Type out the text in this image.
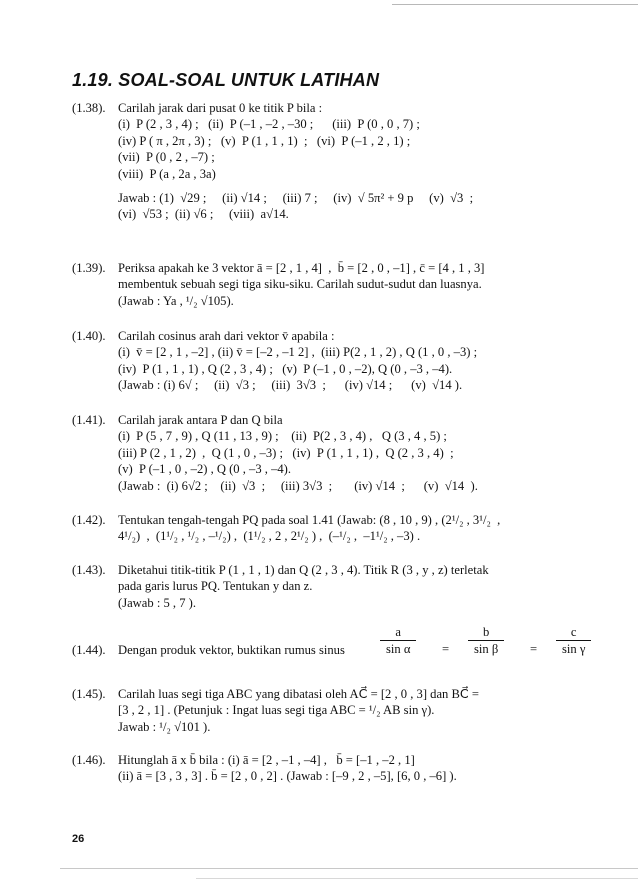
1.19. SOAL-SOAL UNTUK LATIHAN
(1.38). Carilah jarak dari pusat 0 ke titik P bila :
(i)  P (2 , 3 , 4) ;   (ii)  P (–1 , –2 , –30 ;      (iii)  P (0 , 0 , 7) ;
(iv) P ( π , 2π , 3) ;   (v)  P (1 , 1 , 1)  ;   (vi)  P (–1 , 2 , 1) ;
(vii)  P (0 , 2 , –7) ;
(viii)  P (a , 2a , 3a)
Jawab : (1)  √29 ;     (ii) √14 ;     (iii) 7 ;     (iv)  √ 5π² + 9 p     (v)  √3  ;
(vi)  √53 ;  (ii) √6 ;     (viii)  a√14.
(1.39). Periksa apakah ke 3 vektor ā = [2 , 1 , 4]  ,  b̄ = [2 , 0 , –1] , c̄ = [4 , 1 , 3]
membentuk sebuah segi tiga siku-siku. Carilah sudut-sudut dan luasnya.
(Jawab : Ya , ¹/₂ √105).
(1.40). Carilah cosinus arah dari vektor v̄ apabila :
(i)  v̄ = [2 , 1 , –2] , (ii) v̄ = [–2 , –1 2] ,  (iii) P(2 , 1 , 2) , Q (1 , 0 , –3) ;
(iv)  P (1 , 1 , 1) , Q (2 , 3 , 4) ;   (v)  P (–1 , 0 , –2), Q (0 , –3 , –4).
(Jawab : (i) 6√ ;     (ii)  √3 ;     (iii)  3√3  ;      (iv) √14 ;      (v)  √14 ).
(1.41). Carilah jarak antara P dan Q bila
(i)  P (5 , 7 , 9) , Q (11 , 13 , 9) ;    (ii)  P(2 , 3 , 4) ,   Q (3 , 4 , 5) ;
(iii) P (2 , 1 , 2)  ,  Q (1 , 0 , –3) ;   (iv)  P (1 , 1 , 1) ,  Q (2 , 3 , 4)  ;
(v)  P (–1 , 0 , –2) , Q (0 , –3 , –4).
(Jawab :  (i) 6√2 ;    (ii)  √3  ;     (iii) 3√3  ;       (iv) √14  ;      (v)  √14  ).
(1.42). Tentukan tengah-tengah PQ pada soal 1.41 (Jawab: (8 , 10 , 9) , (2¹/₂ , 3¹/₂  ,
4¹/₂)  ,  (1¹/₂ , ¹/₂ , –¹/₂) ,  (1¹/₂ , 2 , 2¹/₂ ) ,  (–¹/₂ ,  –1¹/₂ , –3) .
(1.43). Diketahui titik-titik P (1 , 1 , 1) dan Q (2 , 3 , 4). Titik R (3 , y , z) terletak
pada garis lurus PQ. Tentukan y dan z.
(Jawab : 5 , 7 ).
(1.44). Dengan produk vektor, buktikan rumus sinus	$\frac{a}{\text{sin α}} = \frac{b}{\text{sin β}} = \frac{c}{\text{sin γ}}$
(1.45). Carilah luas segi tiga ABC yang dibatasi oleh AC⃗ = [2 , 0 , 3] dan BC⃗ =
[3 , 2 , 1] . (Petunjuk : Ingat luas segi tiga ABC = ¹/₂ AB sin γ).
Jawab : ¹/₂ √101 ).
(1.46). Hitunglah ā x b̄ bila : (i) ā = [2 , –1 , –4] ,   b̄ = [–1 , –2 , 1]
(ii) ā = [3 , 3 , 3] . b̄ = [2 , 0 , 2] . (Jawab : [–9 , 2 , –5], [6, 0 , –6] ).
26
